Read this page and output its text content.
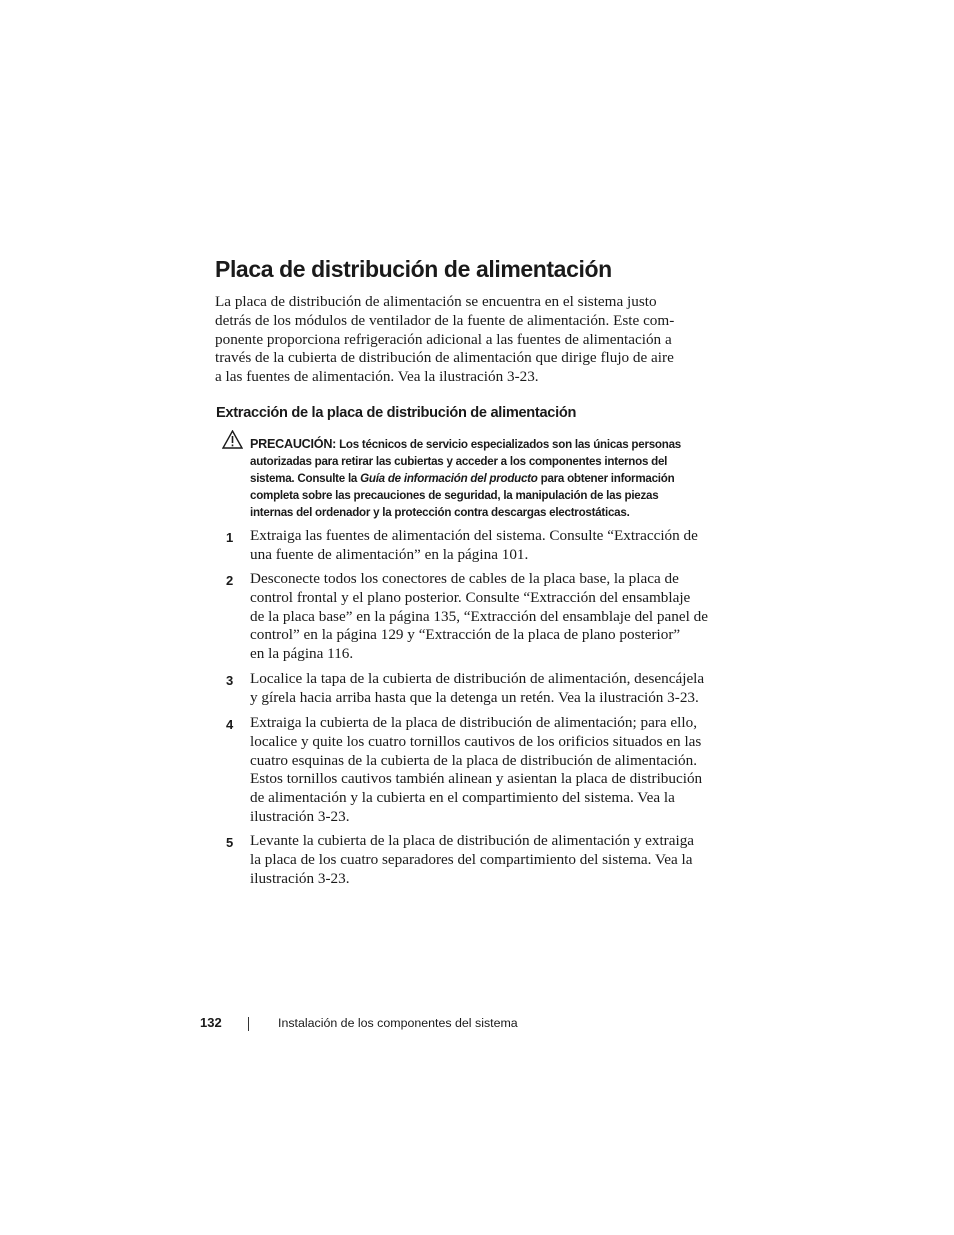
Placa de distribución de alimentación

La placa de distribución de alimentación se encuentra en el sistema justo
detrás de los módulos de ventilador de la fuente de alimentación. Este com-
ponente proporciona refrigeración adicional a las fuentes de alimentación a
través de la cubierta de distribución de alimentación que dirige flujo de aire
a las fuentes de alimentación. Vea la ilustración 3-23.

Extracción de la placa de distribución de alimentación
PRECAUCIÓN: Los técnicos de servicio especializados son las únicas personas
autorizadas para retirar las cubiertas y acceder a los componentes internos del
sistema. Consulte la Guía de información del producto para obtener información
completa sobre las precauciones de seguridad, la manipulación de las piezas
internas del ordenador y la protección contra descargas electrostáticas.
1 Extraiga las fuentes de alimentación del sistema. Consulte “Extracción de
una fuente de alimentación” en la página 101.

2 Desconecte todos los conectores de cables de la placa base, la placa de
control frontal y el plano posterior. Consulte “Extracción del ensamblaje
de la placa base” en la página 135, “Extracción del ensamblaje del panel de
control” en la página 129 y “Extracción de la placa de plano posterior”
en la página 116.

3 Localice la tapa de la cubierta de distribución de alimentación, desencájela
y gírela hacia arriba hasta que la detenga un retén. Vea la ilustración 3-23.

4 Extraiga la cubierta de la placa de distribución de alimentación; para ello,
localice y quite los cuatro tornillos cautivos de los orificios situados en las
cuatro esquinas de la cubierta de la placa de distribución de alimentación.
Estos tornillos cautivos también alinean y asientan la placa de distribución
de alimentación y la cubierta en el compartimiento del sistema. Vea la
ilustración 3-23.

5 Levante la cubierta de la placa de distribución de alimentación y extraiga
la placa de los cuatro separadores del compartimiento del sistema. Vea la
ilustración 3-23.

132	Instalación de los componentes del sistema
